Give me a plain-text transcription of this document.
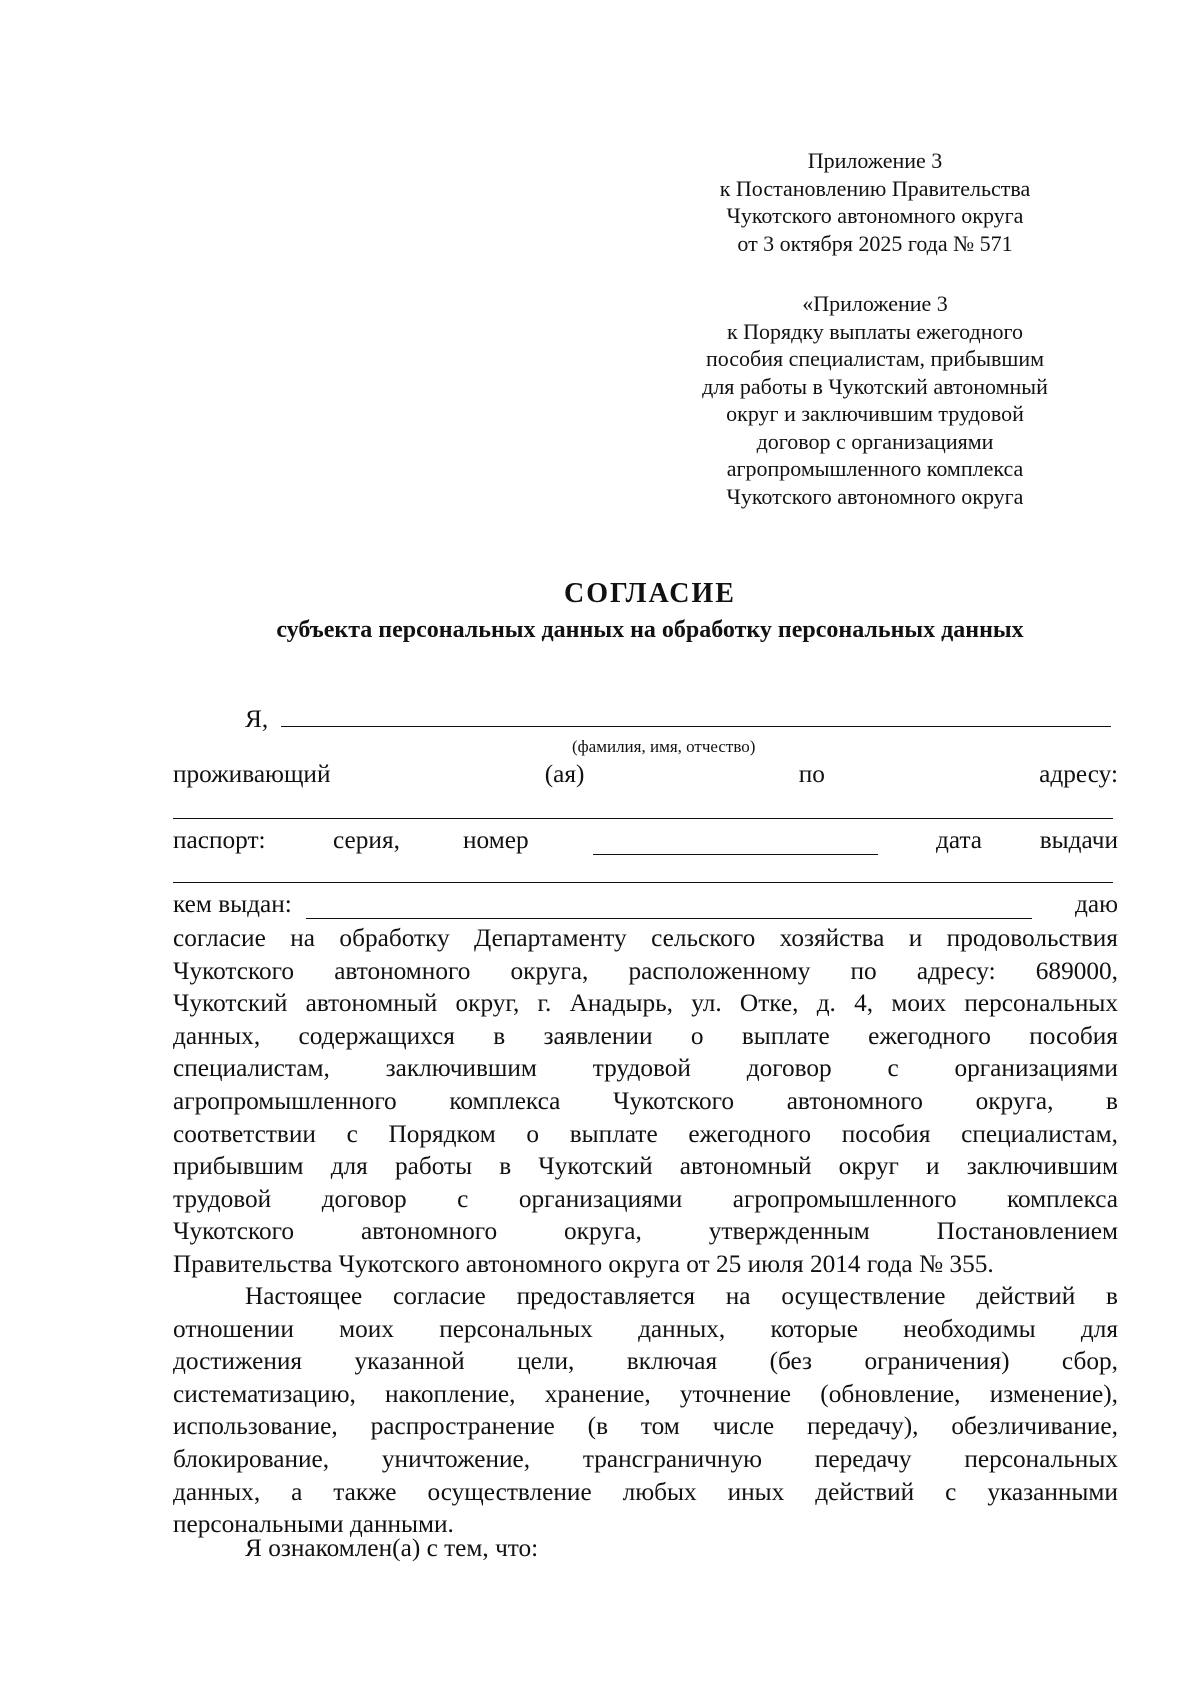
Приложение 3
к Постановлению Правительства
Чукотского автономного округа
от 3 октября 2025 года № 571
«Приложение 3
к Порядку выплаты ежегодного
пособия специалистам, прибывшим
для работы в Чукотский автономный
округ и заключившим трудовой
договор с организациями
агропромышленного комплекса
Чукотского автономного округа
СОГЛАСИЕ
субъекта персональных данных на обработку персональных данных
Я,
(фамилия, имя, отчество)
проживающий	(ая)	по	адресу:
паспорт:	серия,	номер	дата выдачи
кем выдан:	даю
согласие на обработку Департаменту сельского хозяйства и продовольствия
Чукотского автономного округа, расположенному по адресу: 689000,
Чукотский автономный округ, г. Анадырь, ул. Отке, д. 4, моих персональных
данных, содержащихся в заявлении о выплате ежегодного пособия
специалистам, заключившим трудовой договор с организациями
агропромышленного комплекса Чукотского автономного округа, в
соответствии с Порядком о выплате ежегодного пособия специалистам,
прибывшим для работы в Чукотский автономный округ и заключившим
трудовой договор с организациями агропромышленного комплекса
Чукотского	автономного	округа,	утвержденным	Постановлением
Правительства Чукотского автономного округа от 25 июля 2014 года № 355.
Настоящее согласие предоставляется на осуществление действий в
отношении моих персональных данных, которые необходимы для
достижения указанной цели, включая (без ограничения) сбор,
систематизацию, накопление, хранение, уточнение (обновление, изменение),
использование, распространение (в том числе передачу), обезличивание,
блокирование, уничтожение, трансграничную передачу персональных
данных, а также осуществление любых иных действий с указанными
персональными данными.
Я ознакомлен(а) с тем, что:
